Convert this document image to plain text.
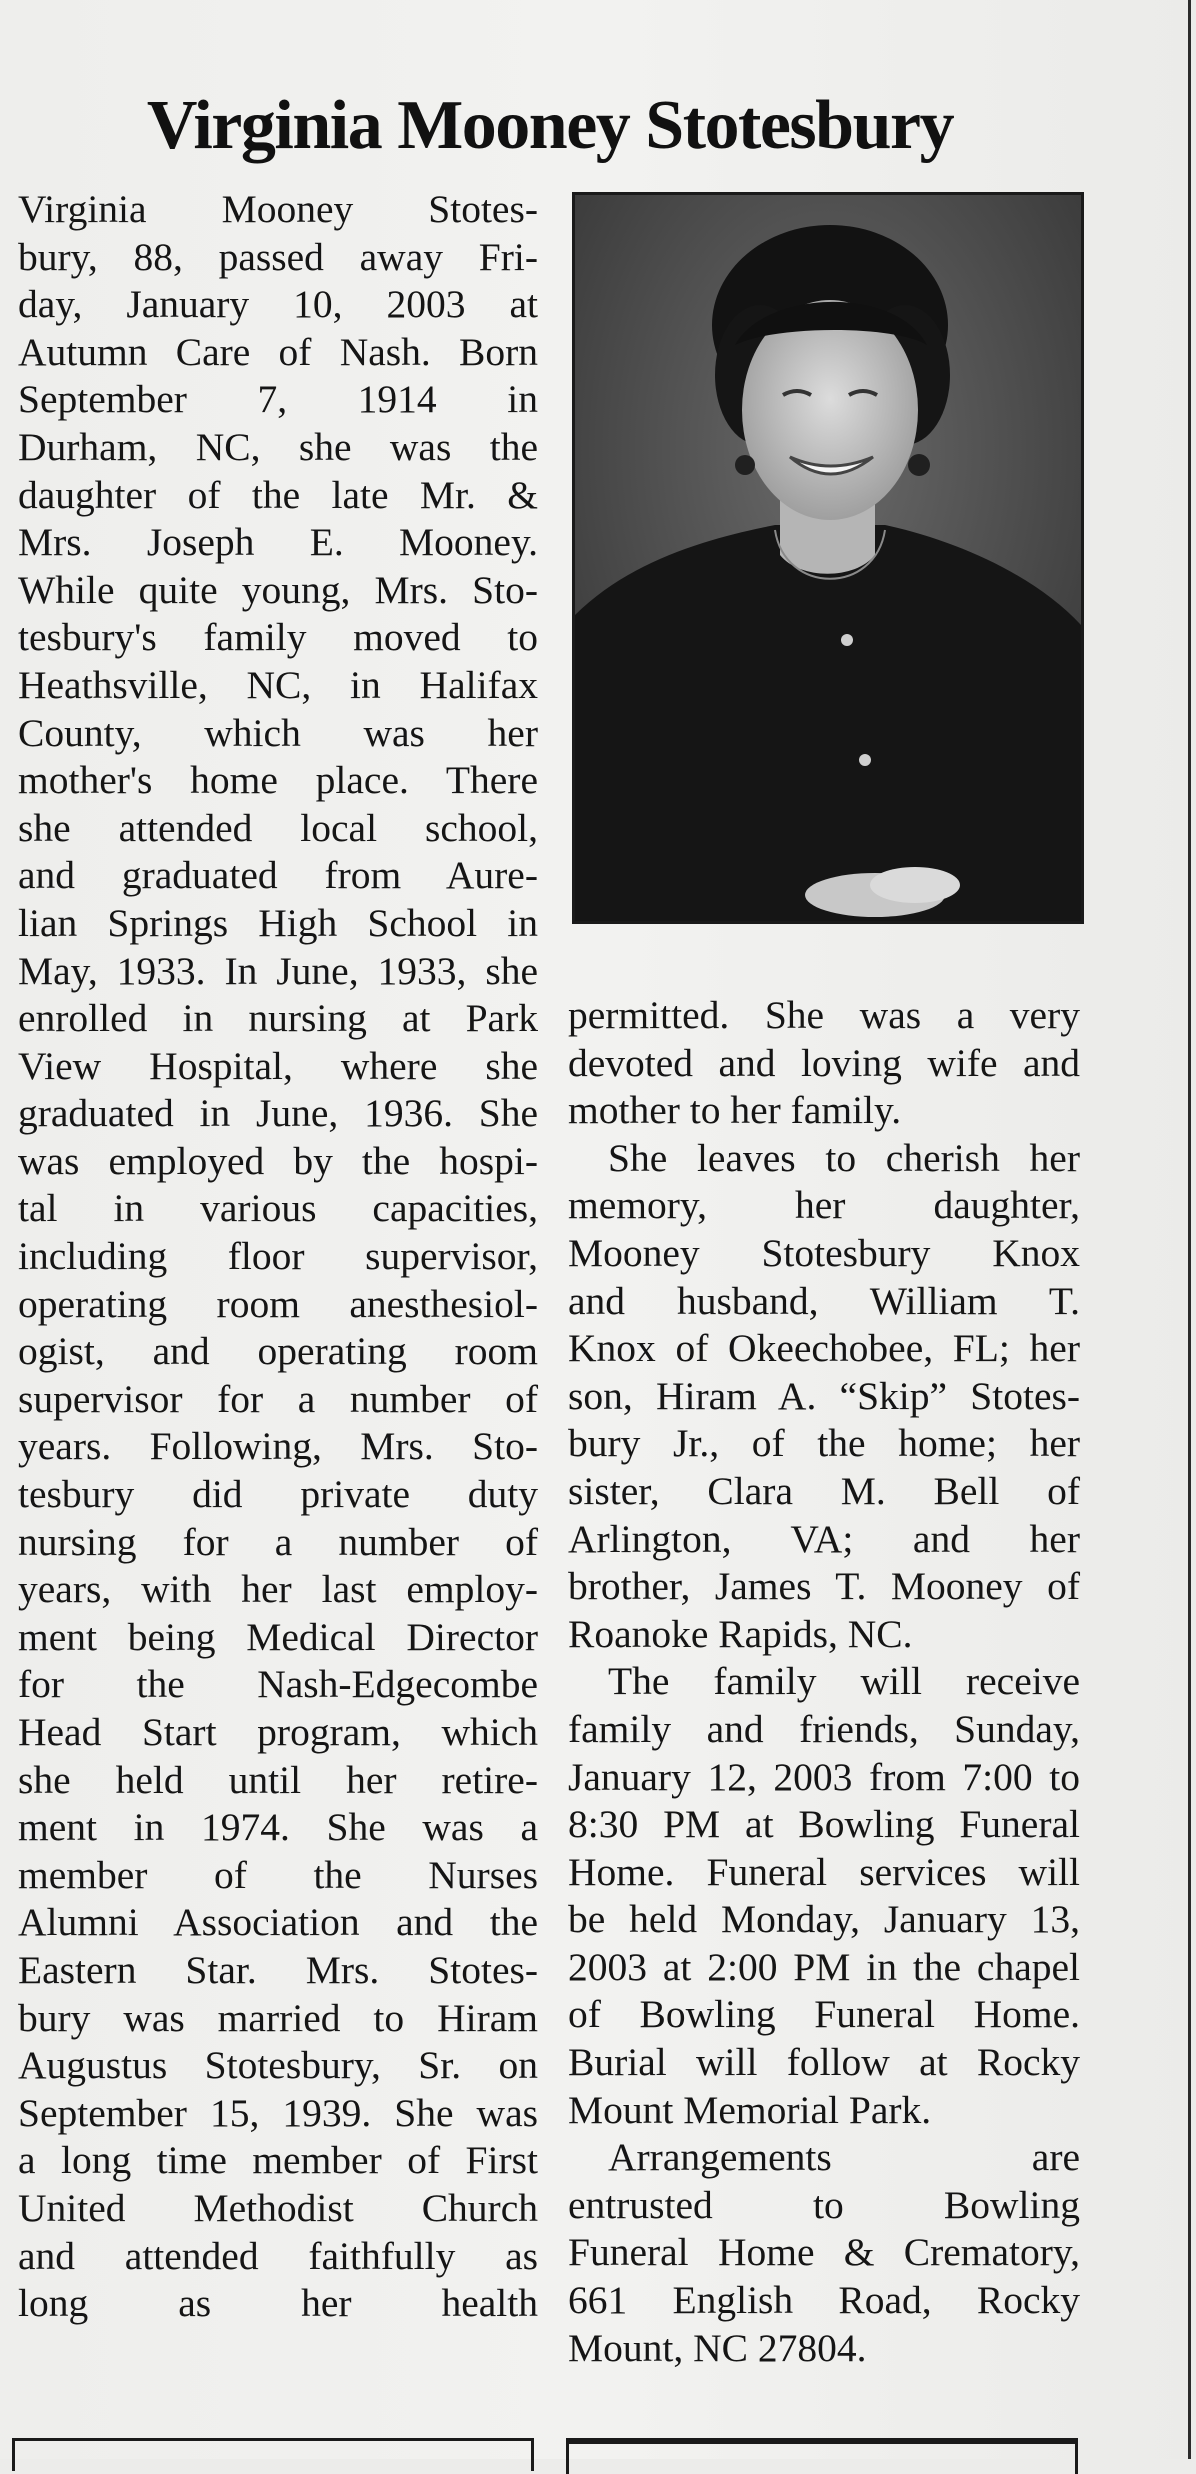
Virginia Mooney Stotesbury
Virginia Mooney Stotes-
bury, 88, passed away Fri-
day, January 10, 2003 at
Autumn Care of Nash. Born
September 7, 1914 in
Durham, NC, she was the
daughter of the late Mr. &
Mrs. Joseph E. Mooney.
While quite young, Mrs. Sto-
tesbury's family moved to
Heathsville, NC, in Halifax
County, which was her
mother's home place. There
she attended local school,
and graduated from Aure-
lian Springs High School in
May, 1933. In June, 1933, she
enrolled in nursing at Park
View Hospital, where she
graduated in June, 1936. She
was employed by the hospi-
tal in various capacities,
including floor supervisor,
operating room anesthesiol-
ogist, and operating room
supervisor for a number of
years. Following, Mrs. Sto-
tesbury did private duty
nursing for a number of
years, with her last employ-
ment being Medical Director
for the Nash-Edgecombe
Head Start program, which
she held until her retire-
ment in 1974. She was a
member of the Nurses
Alumni Association and the
Eastern Star. Mrs. Stotes-
bury was married to Hiram
Augustus Stotesbury, Sr. on
September 15, 1939. She was
a long time member of First
United Methodist Church
and attended faithfully as
long as her health
permitted. She was a very
devoted and loving wife and
mother to her family.
She leaves to cherish her
memory, her daughter,
Mooney Stotesbury Knox
and husband, William T.
Knox of Okeechobee, FL; her
son, Hiram A. “Skip” Stotes-
bury Jr., of the home; her
sister, Clara M. Bell of
Arlington, VA; and her
brother, James T. Mooney of
Roanoke Rapids, NC.
The family will receive
family and friends, Sunday,
January 12, 2003 from 7:00 to
8:30 PM at Bowling Funeral
Home. Funeral services will
be held Monday, January 13,
2003 at 2:00 PM in the chapel
of Bowling Funeral Home.
Burial will follow at Rocky
Mount Memorial Park.
Arrangements are
entrusted to Bowling
Funeral Home & Crematory,
661 English Road, Rocky
Mount, NC 27804.
